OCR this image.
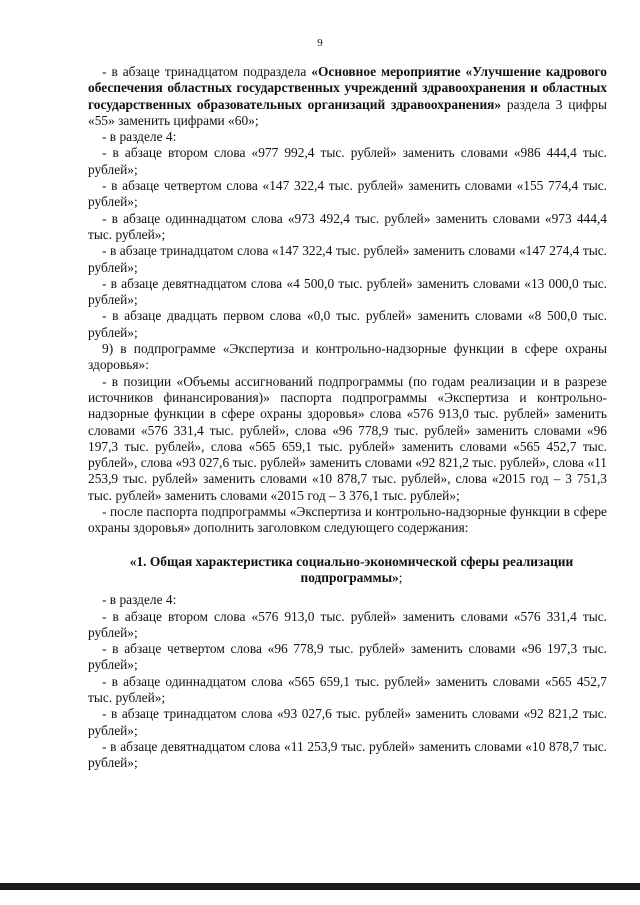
9

- в абзаце тринадцатом подраздела «Основное мероприятие «Улучшение кадрового обеспечения областных государственных учреждений здравоохранения и областных государственных образовательных организаций здравоохранения» раздела 3 цифры «55» заменить цифрами «60»;

- в разделе 4:

- в абзаце втором слова «977 992,4 тыс. рублей» заменить словами «986 444,4 тыс. рублей»;

- в абзаце четвертом слова «147 322,4 тыс. рублей» заменить словами «155 774,4 тыс. рублей»;

- в абзаце одиннадцатом слова «973 492,4 тыс. рублей» заменить словами «973 444,4 тыс. рублей»;

- в абзаце тринадцатом слова «147 322,4 тыс. рублей» заменить словами «147 274,4 тыс. рублей»;

- в абзаце девятнадцатом слова «4 500,0 тыс. рублей» заменить словами «13 000,0 тыс. рублей»;

- в абзаце двадцать первом слова «0,0 тыс. рублей» заменить словами «8 500,0 тыс. рублей»;

9) в подпрограмме «Экспертиза и контрольно-надзорные функции в сфере охраны здоровья»:

- в позиции «Объемы ассигнований подпрограммы (по годам реализации и в разрезе источников финансирования)» паспорта подпрограммы «Экспертиза и контрольно-надзорные функции в сфере охраны здоровья» слова «576 913,0 тыс. рублей» заменить словами «576 331,4 тыс. рублей», слова «96 778,9 тыс. рублей» заменить словами «96 197,3 тыс. рублей», слова «565 659,1 тыс. рублей» заменить словами «565 452,7 тыс. рублей», слова «93 027,6 тыс. рублей» заменить словами «92 821,2 тыс. рублей», слова «11 253,9 тыс. рублей» заменить словами «10 878,7 тыс. рублей», слова «2015 год – 3 751,3 тыс. рублей» заменить словами «2015 год – 3 376,1 тыс. рублей»;

- после паспорта подпрограммы «Экспертиза и контрольно-надзорные функции в сфере охраны здоровья» дополнить заголовком следующего содержания:

«1. Общая характеристика социально-экономической сферы реализации подпрограммы»;

- в разделе 4:

- в абзаце втором слова «576 913,0 тыс. рублей» заменить словами «576 331,4 тыс. рублей»;

- в абзаце четвертом слова «96 778,9 тыс. рублей» заменить словами «96 197,3 тыс. рублей»;

- в абзаце одиннадцатом слова «565 659,1 тыс. рублей» заменить словами «565 452,7 тыс. рублей»;

- в абзаце тринадцатом слова «93 027,6 тыс. рублей» заменить словами «92 821,2 тыс. рублей»;

- в абзаце девятнадцатом слова «11 253,9 тыс. рублей» заменить словами «10 878,7 тыс. рублей»;
